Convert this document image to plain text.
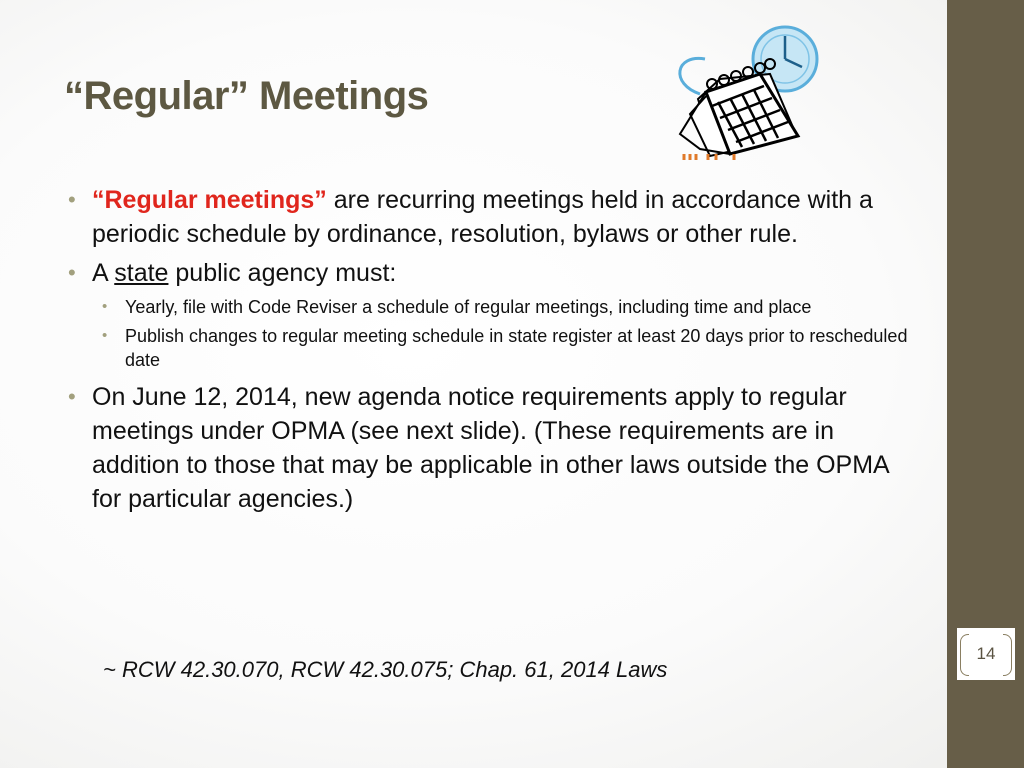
14
“Regular” Meetings

• “Regular meetings” are recurring meetings held in accordance with a periodic schedule by ordinance, resolution, bylaws or other rule.

• A state public agency must:

• Yearly, file with Code Reviser a schedule of regular meetings, including time and place

• Publish changes to regular meeting schedule in state register at least 20 days prior to rescheduled date

• On June 12, 2014, new agenda notice requirements apply to regular meetings under OPMA (see next slide). (These requirements are in addition to those that may be applicable in other laws outside the OPMA for particular agencies.)

~ RCW 42.30.070, RCW 42.30.075; Chap. 61, 2014 Laws
